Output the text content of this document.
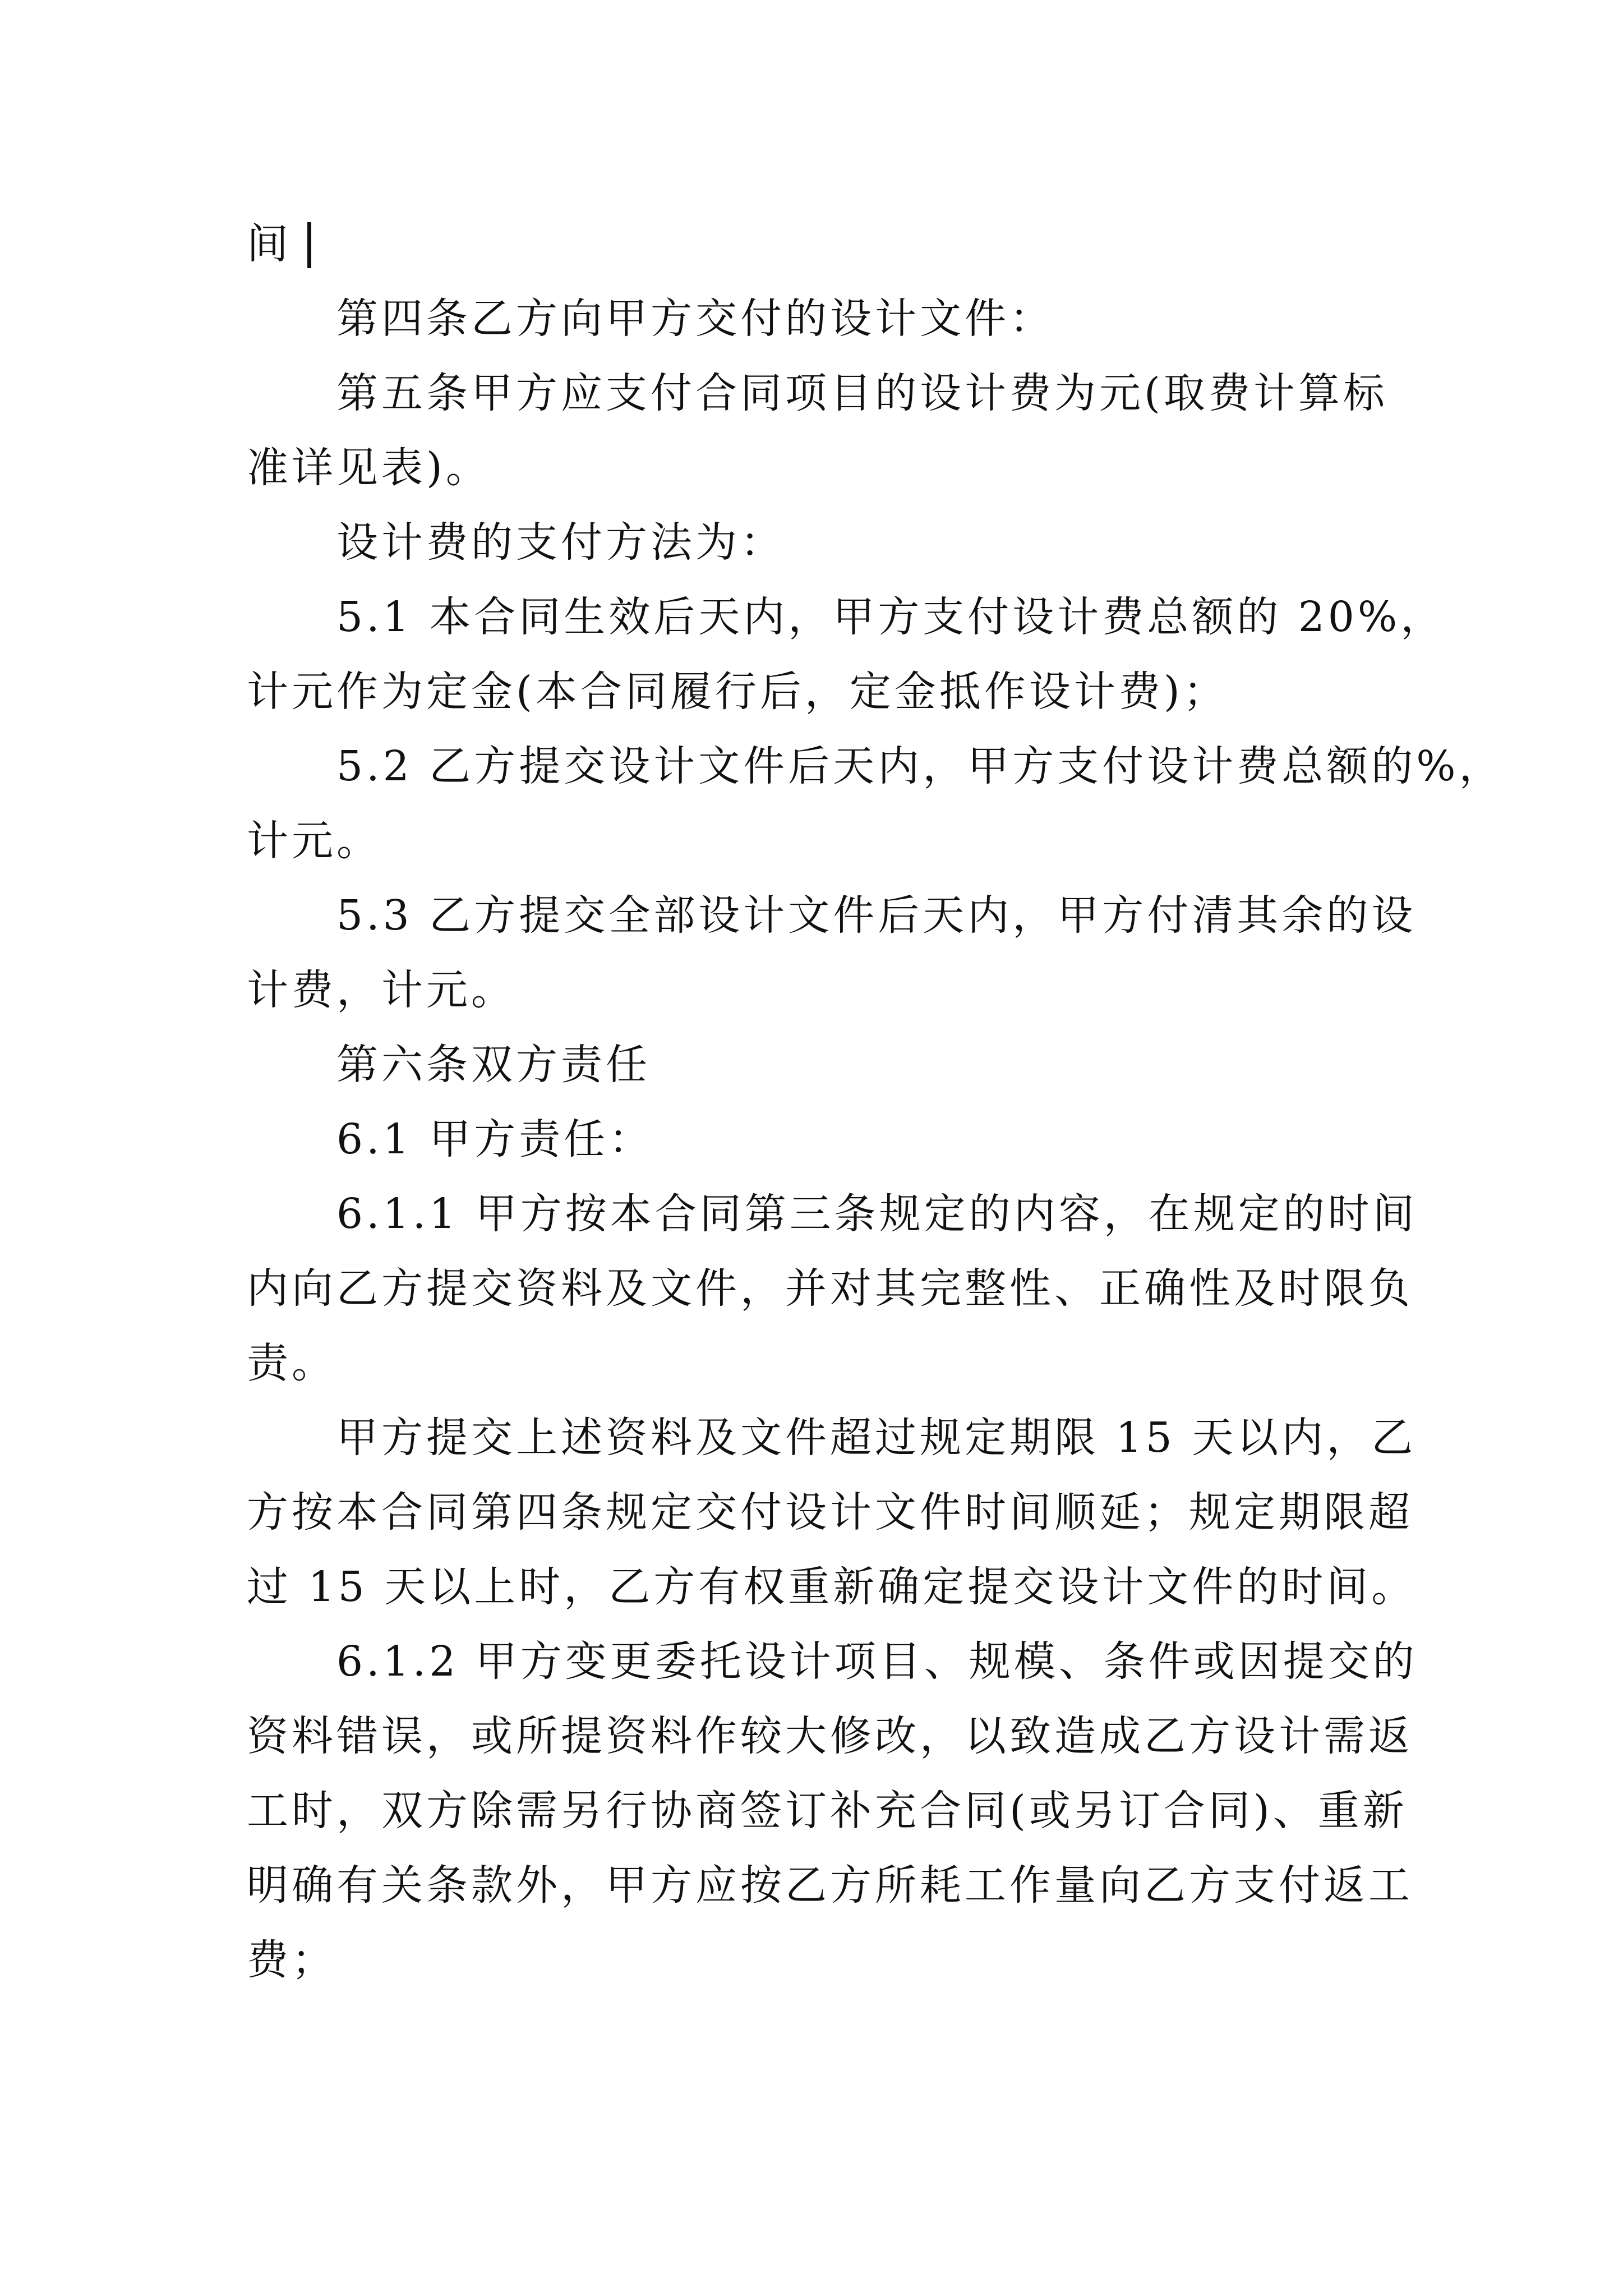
间
第四条乙方向甲方交付的设计文件：
第五条甲方应支付合同项目的设计费为元(取费计算标
准详见表)。
设计费的支付方法为：
5.1 本合同生效后天内，甲方支付设计费总额的 20%，
计元作为定金(本合同履行后，定金抵作设计费)；
5.2 乙方提交设计文件后天内，甲方支付设计费总额的%，
计元。
5.3 乙方提交全部设计文件后天内，甲方付清其余的设
计费，计元。
第六条双方责任
6.1 甲方责任：
6.1.1 甲方按本合同第三条规定的内容，在规定的时间
内向乙方提交资料及文件，并对其完整性、正确性及时限负
责。
甲方提交上述资料及文件超过规定期限 15 天以内，乙
方按本合同第四条规定交付设计文件时间顺延；规定期限超
过 15 天以上时，乙方有权重新确定提交设计文件的时间。
6.1.2 甲方变更委托设计项目、规模、条件或因提交的
资料错误，或所提资料作较大修改，以致造成乙方设计需返
工时，双方除需另行协商签订补充合同(或另订合同)、重新
明确有关条款外，甲方应按乙方所耗工作量向乙方支付返工
费；
